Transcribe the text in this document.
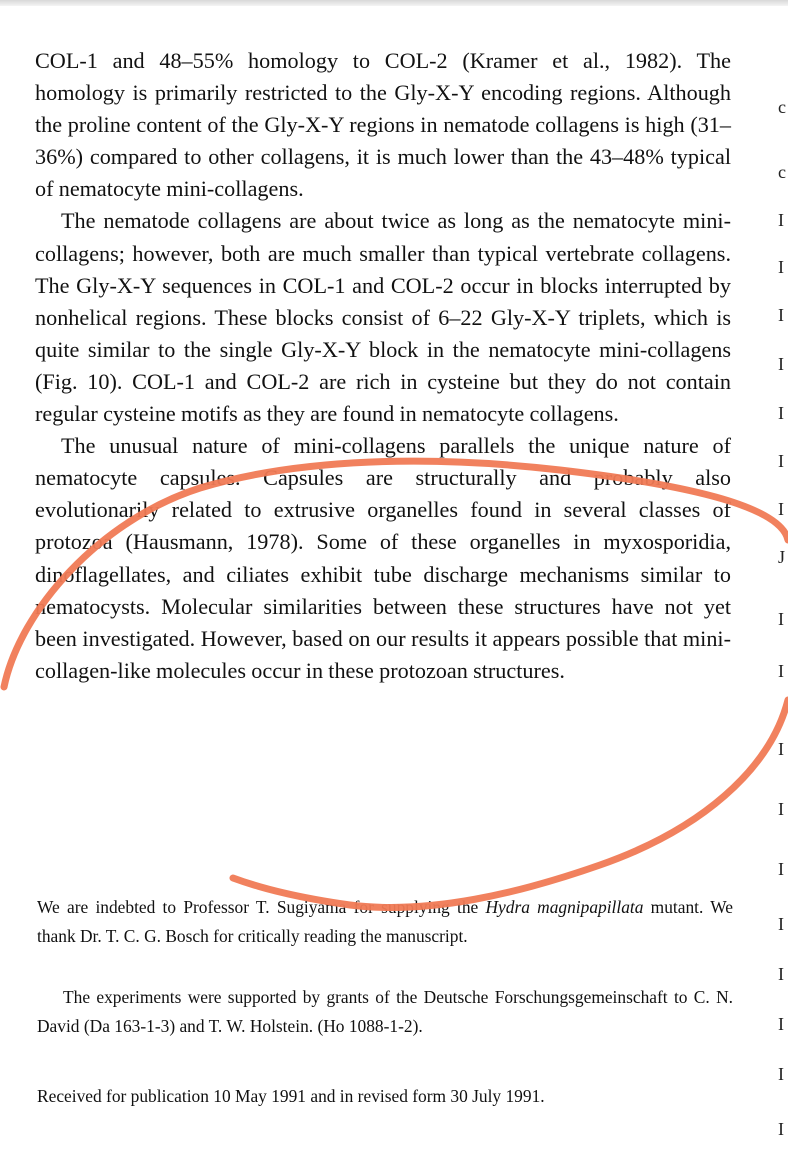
COL-1 and 48–55% homology to COL-2 (Kramer et al., 1982). The homology is primarily restricted to the Gly-X-Y encoding regions. Although the proline content of the Gly-X-Y regions in nematode collagens is high (31–36%) compared to other collagens, it is much lower than the 43–48% typical of nematocyte mini-collagens.

The nematode collagens are about twice as long as the nematocyte mini-collagens; however, both are much smaller than typical vertebrate collagens. The Gly-X-Y sequences in COL-1 and COL-2 occur in blocks interrupted by nonhelical regions. These blocks consist of 6–22 Gly-X-Y triplets, which is quite similar to the single Gly-X-Y block in the nematocyte mini-collagens (Fig. 10). COL-1 and COL-2 are rich in cysteine but they do not contain regular cysteine motifs as they are found in nematocyte collagens.

The unusual nature of mini-collagens parallels the unique nature of nematocyte capsules. Capsules are structurally and probably also evolutionarily related to extrusive organelles found in several classes of protozoa (Hausmann, 1978). Some of these organelles in myxosporidia, dinoflagellates, and ciliates exhibit tube discharge mechanisms similar to nematocysts. Molecular similarities between these structures have not yet been investigated. However, based on our results it appears possible that mini-collagen-like molecules occur in these protozoan structures.

We are indebted to Professor T. Sugiyama for supplying the Hydra magnipapillata mutant. We thank Dr. T. C. G. Bosch for critically reading the manuscript.

The experiments were supported by grants of the Deutsche Forschungsgemeinschaft to C. N. David (Da 163-1-3) and T. W. Holstein. (Ho 1088-1-2).

Received for publication 10 May 1991 and in revised form 30 July 1991.

c
c
I
I
I
I
I
I
I
J
I
I
I
I
I
I
I
I
I
I
